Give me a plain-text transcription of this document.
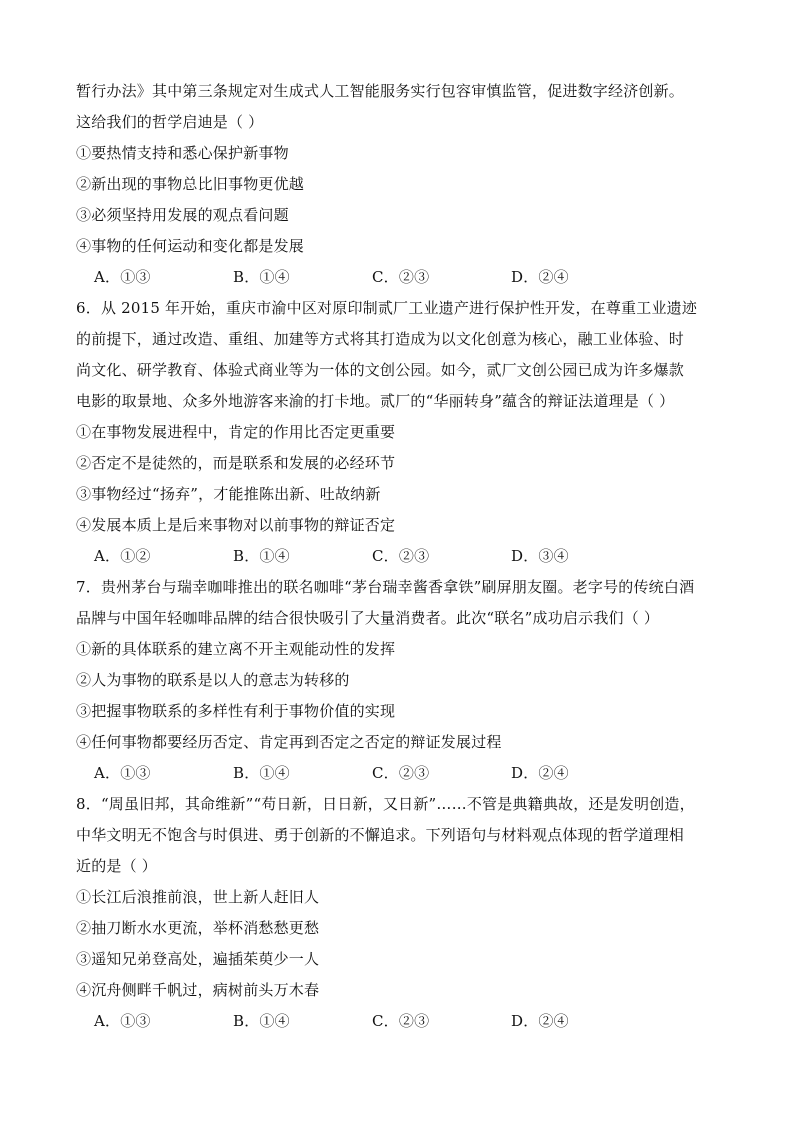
暂行办法》其中第三条规定对生成式人工智能服务实行包容审慎监管，促进数字经济创新。
这给我们的哲学启迪是（ ）
①要热情支持和悉心保护新事物
②新出现的事物总比旧事物更优越
③必须坚持用发展的观点看问题
④事物的任何运动和变化都是发展
A．①③	B．①④	C．②③	D．②④
6．从 2015 年开始，重庆市渝中区对原印制贰厂工业遗产进行保护性开发，在尊重工业遗迹
的前提下，通过改造、重组、加建等方式将其打造成为以文化创意为核心，融工业体验、时
尚文化、研学教育、体验式商业等为一体的文创公园。如今，贰厂文创公园已成为许多爆款
电影的取景地、众多外地游客来渝的打卡地。贰厂的“华丽转身”蕴含的辩证法道理是（ ）
①在事物发展进程中，肯定的作用比否定更重要
②否定不是徒然的，而是联系和发展的必经环节
③事物经过“扬弃”，才能推陈出新、吐故纳新
④发展本质上是后来事物对以前事物的辩证否定
A．①②	B．①④	C．②③	D．③④
7．贵州茅台与瑞幸咖啡推出的联名咖啡“茅台瑞幸酱香拿铁”刷屏朋友圈。老字号的传统白酒
品牌与中国年轻咖啡品牌的结合很快吸引了大量消费者。此次“联名”成功启示我们（ ）
①新的具体联系的建立离不开主观能动性的发挥
②人为事物的联系是以人的意志为转移的
③把握事物联系的多样性有利于事物价值的实现
④任何事物都要经历否定、肯定再到否定之否定的辩证发展过程
A．①③	B．①④	C．②③	D．②④
8．“周虽旧邦，其命维新”“苟日新，日日新，又日新”……不管是典籍典故，还是发明创造，
中华文明无不饱含与时俱进、勇于创新的不懈追求。下列语句与材料观点体现的哲学道理相
近的是（ ）
①长江后浪推前浪，世上新人赶旧人
②抽刀断水水更流，举杯消愁愁更愁
③遥知兄弟登高处，遍插茱萸少一人
④沉舟侧畔千帆过，病树前头万木春
A．①③	B．①④	C．②③	D．②④
